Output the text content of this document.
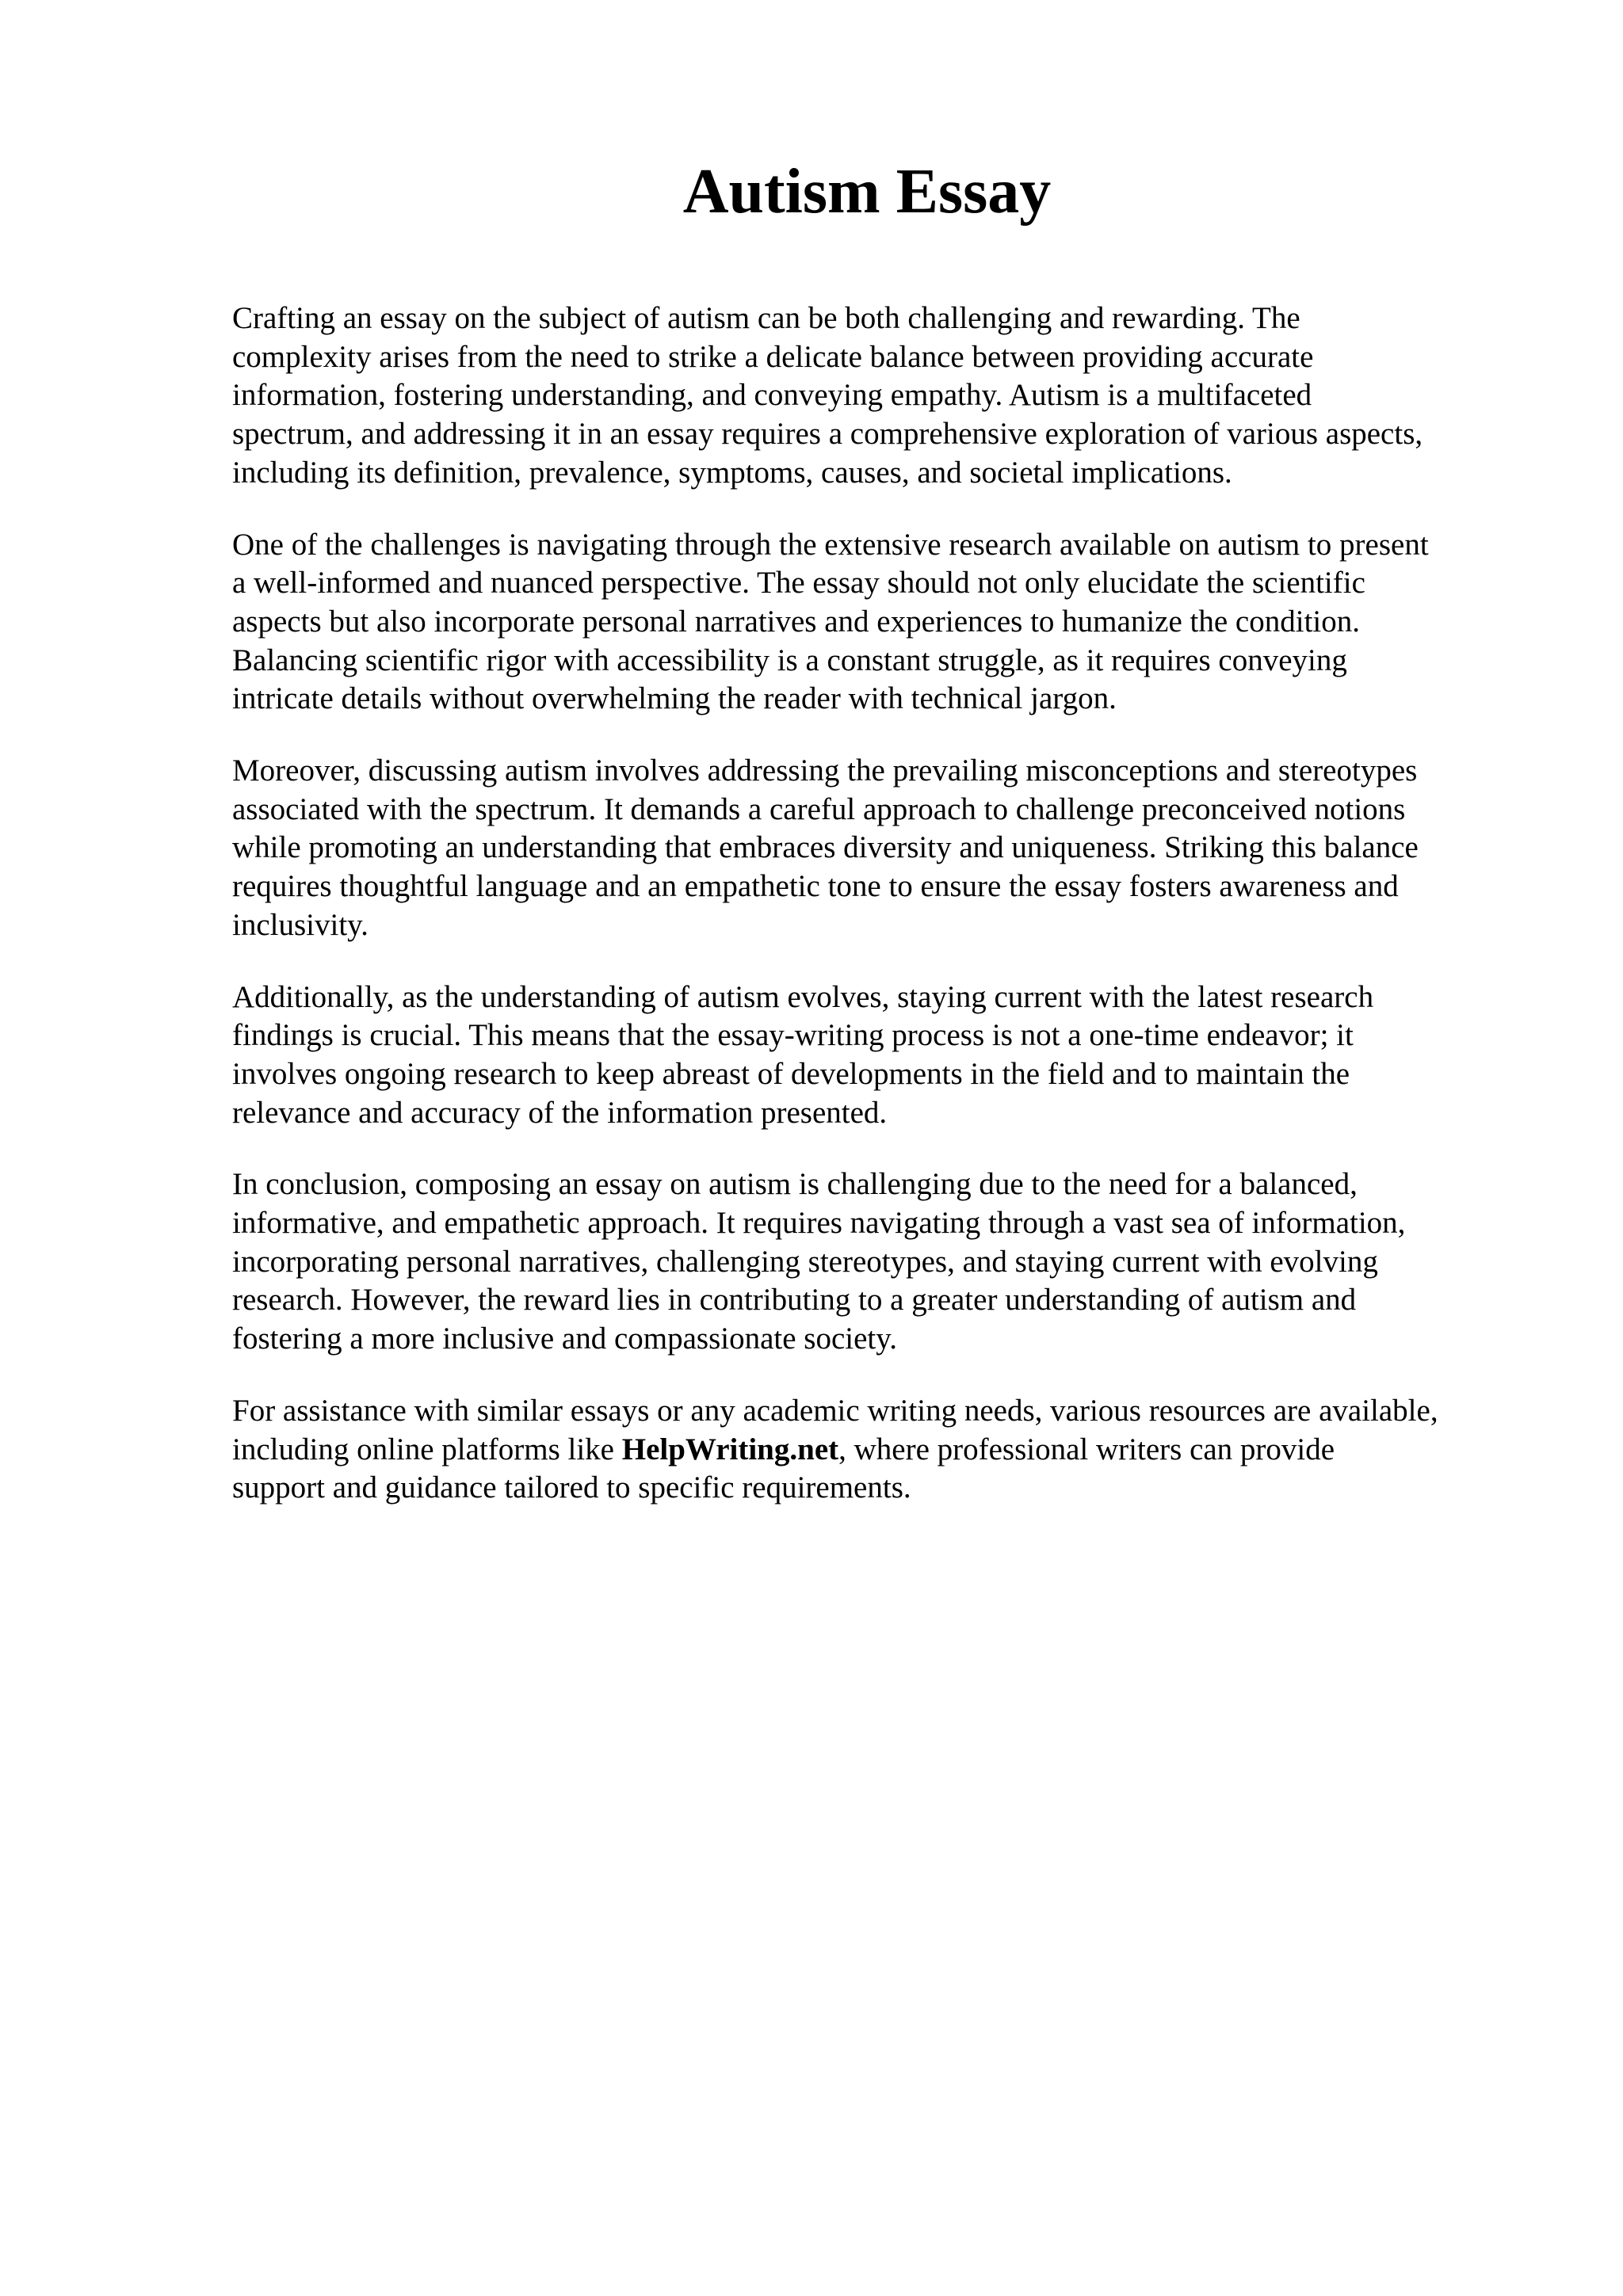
Autism Essay

Crafting an essay on the subject of autism can be both challenging and rewarding. The
complexity arises from the need to strike a delicate balance between providing accurate
information, fostering understanding, and conveying empathy. Autism is a multifaceted
spectrum, and addressing it in an essay requires a comprehensive exploration of various aspects,
including its definition, prevalence, symptoms, causes, and societal implications.

One of the challenges is navigating through the extensive research available on autism to present
a well-informed and nuanced perspective. The essay should not only elucidate the scientific
aspects but also incorporate personal narratives and experiences to humanize the condition.
Balancing scientific rigor with accessibility is a constant struggle, as it requires conveying
intricate details without overwhelming the reader with technical jargon.

Moreover, discussing autism involves addressing the prevailing misconceptions and stereotypes
associated with the spectrum. It demands a careful approach to challenge preconceived notions
while promoting an understanding that embraces diversity and uniqueness. Striking this balance
requires thoughtful language and an empathetic tone to ensure the essay fosters awareness and
inclusivity.

Additionally, as the understanding of autism evolves, staying current with the latest research
findings is crucial. This means that the essay-writing process is not a one-time endeavor; it
involves ongoing research to keep abreast of developments in the field and to maintain the
relevance and accuracy of the information presented.

In conclusion, composing an essay on autism is challenging due to the need for a balanced,
informative, and empathetic approach. It requires navigating through a vast sea of information,
incorporating personal narratives, challenging stereotypes, and staying current with evolving
research. However, the reward lies in contributing to a greater understanding of autism and
fostering a more inclusive and compassionate society.

For assistance with similar essays or any academic writing needs, various resources are available,
including online platforms like HelpWriting.net, where professional writers can provide
support and guidance tailored to specific requirements.
